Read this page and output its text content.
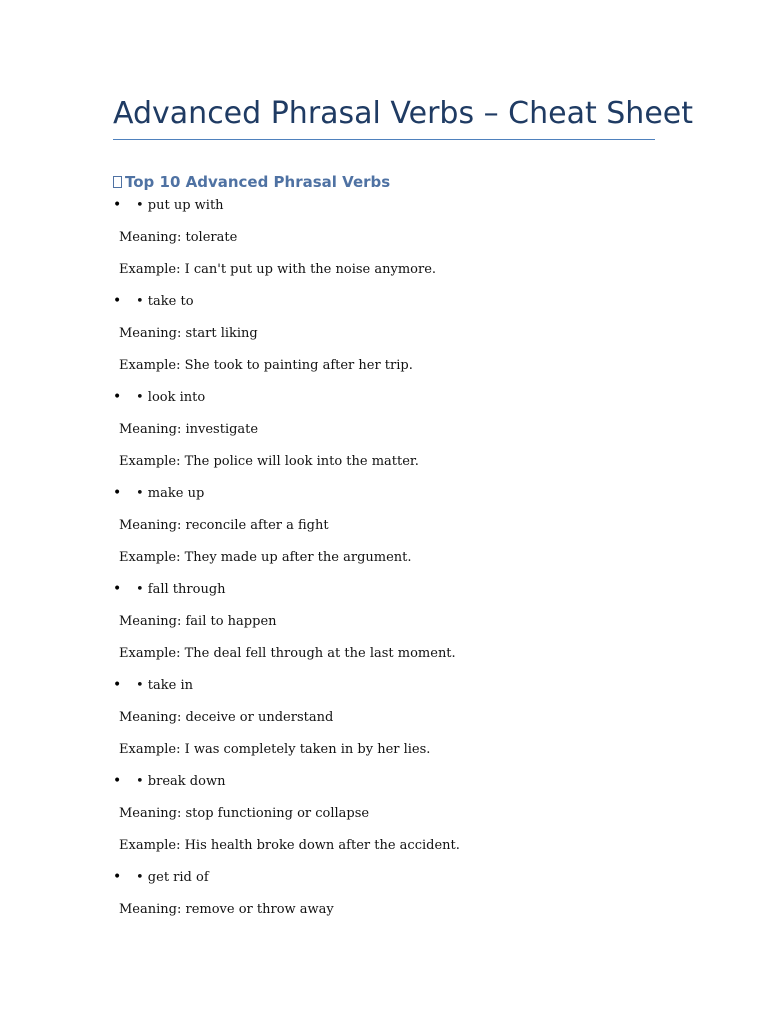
Advanced Phrasal Verbs – Cheat Sheet
Top 10 Advanced Phrasal Verbs
• • put up with
Meaning: tolerate
Example: I can't put up with the noise anymore.
• • take to
Meaning: start liking
Example: She took to painting after her trip.
• • look into
Meaning: investigate
Example: The police will look into the matter.
• • make up
Meaning: reconcile after a fight
Example: They made up after the argument.
• • fall through
Meaning: fail to happen
Example: The deal fell through at the last moment.
• • take in
Meaning: deceive or understand
Example: I was completely taken in by her lies.
• • break down
Meaning: stop functioning or collapse
Example: His health broke down after the accident.
• • get rid of
Meaning: remove or throw away
